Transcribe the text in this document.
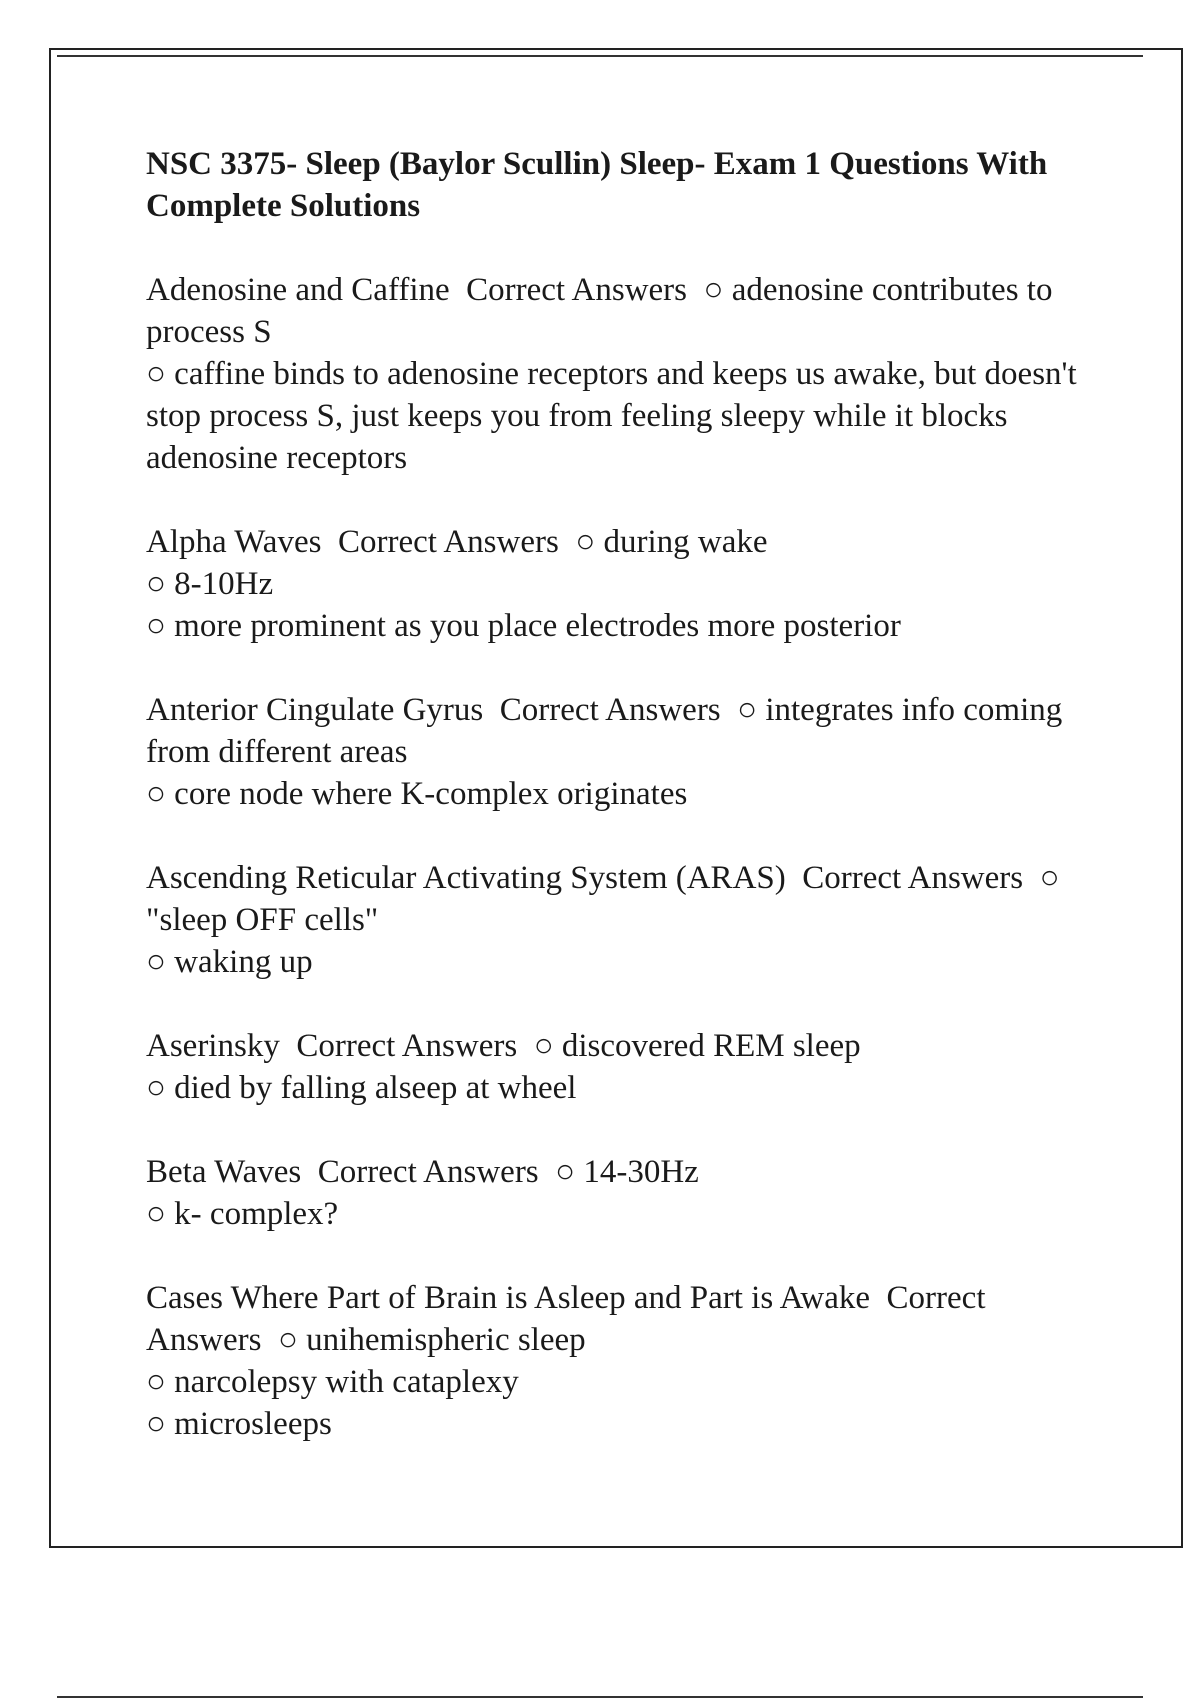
NSC 3375- Sleep (Baylor Scullin) Sleep- Exam 1 Questions With Complete Solutions
Adenosine and Caffine Correct Answers ○ adenosine contributes to process S
○ caffine binds to adenosine receptors and keeps us awake, but doesn't stop process S, just keeps you from feeling sleepy while it blocks adenosine receptors
Alpha Waves Correct Answers ○ during wake
○ 8-10Hz
○ more prominent as you place electrodes more posterior
Anterior Cingulate Gyrus Correct Answers ○ integrates info coming from different areas
○ core node where K-complex originates
Ascending Reticular Activating System (ARAS) Correct Answers ○ "sleep OFF cells"
○ waking up
Aserinsky Correct Answers ○ discovered REM sleep
○ died by falling alseep at wheel
Beta Waves Correct Answers ○ 14-30Hz
○ k- complex?
Cases Where Part of Brain is Asleep and Part is Awake Correct Answers ○ unihemispheric sleep
○ narcolepsy with cataplexy
○ microsleeps
